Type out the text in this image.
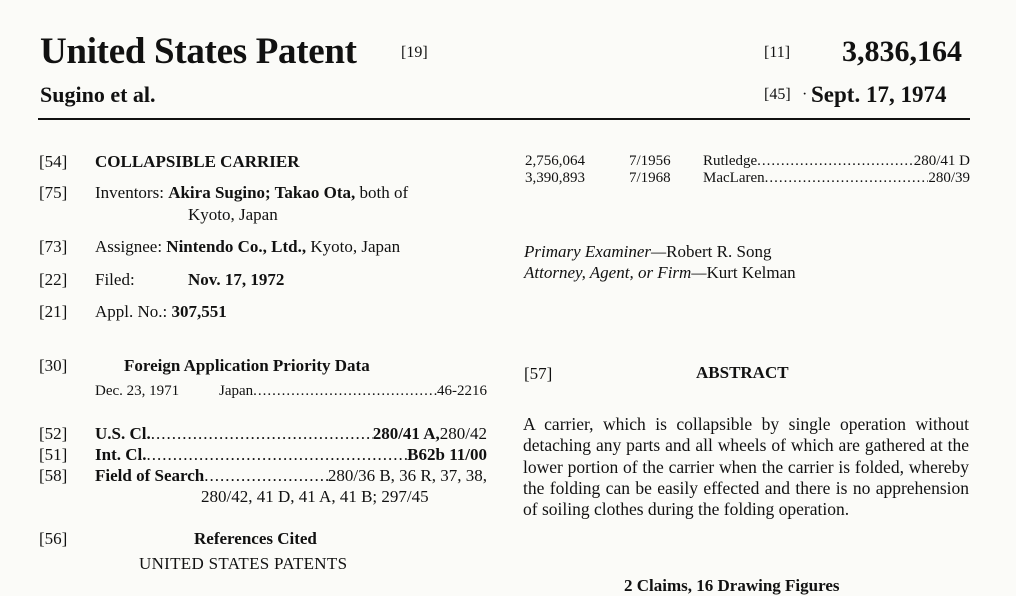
United States Patent	[19]
Sugino et al.
[11] 3,836,164
[45] · Sept. 17, 1974
[54] COLLAPSIBLE CARRIER
[75] Inventors: Akira Sugino; Takao Ota, both of
Kyoto, Japan
[73] Assignee: Nintendo Co., Ltd., Kyoto, Japan
[22] Filed:	Nov. 17, 1972
[21] Appl. No.: 307,551
[30]	Foreign Application Priority Data
Dec. 23, 1971	Japan .....	46-2216
[52] U.S. Cl. .....	280/41 A, 280/42
[51] Int. Cl. .....	B62b 11/00
[58] Field of Search .....	280/36 B, 36 R, 37, 38,
280/42, 41 D, 41 A, 41 B; 297/45
[56]	References Cited
UNITED STATES PATENTS
2,756,064	7/1956	Rutledge .....	280/41 D
3,390,893	7/1968	MacLaren .....	280/39
Primary Examiner—Robert R. Song
Attorney, Agent, or Firm—Kurt Kelman
[57]	ABSTRACT
A carrier, which is collapsible by single operation without detaching any parts and all wheels of which are gathered at the lower portion of the carrier when the carrier is folded, whereby the folding can be easily effected and there is no apprehension of soiling clothes during the folding operation.
2 Claims, 16 Drawing Figures
